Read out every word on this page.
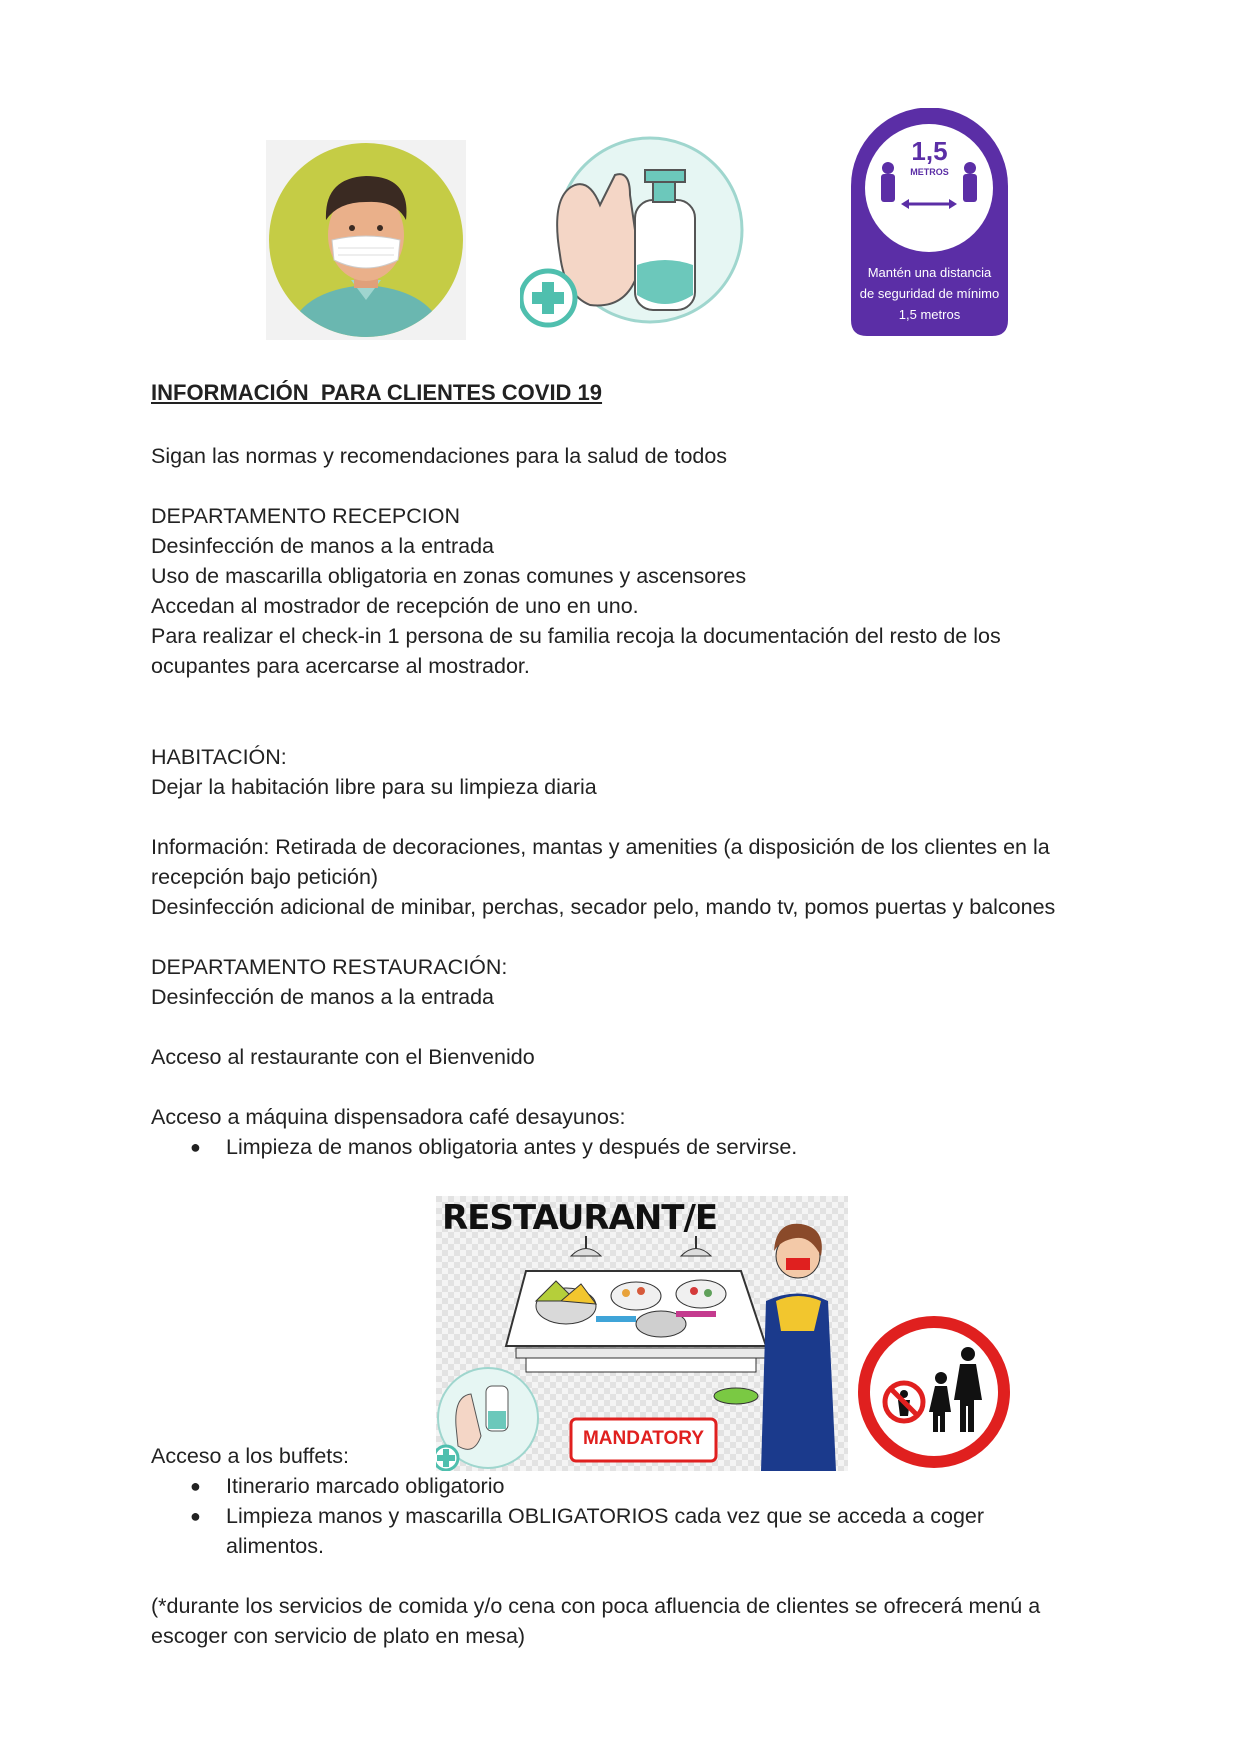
1,5
METROS
Mantén una distancia
de seguridad de mínimo
1,5 metros
INFORMACIÓN  PARA CLIENTES COVID 19
Sigan las normas y recomendaciones para la salud de todos
DEPARTAMENTO RECEPCION
Desinfección de manos a la entrada
Uso de mascarilla obligatoria en zonas comunes y ascensores
Accedan al mostrador de recepción de uno en uno.
Para realizar el check-in 1 persona de su familia recoja la documentación del resto de los
ocupantes para acercarse al mostrador.
HABITACIÓN:
Dejar la habitación libre para su limpieza diaria
Información: Retirada de decoraciones, mantas y amenities (a disposición de los clientes en la
recepción bajo petición)
Desinfección adicional de minibar, perchas, secador pelo, mando tv, pomos puertas y balcones
DEPARTAMENTO RESTAURACIÓN:
Desinfección de manos a la entrada
Acceso al restaurante con el Bienvenido
Acceso a máquina dispensadora café desayunos:
● Limpieza de manos obligatoria antes y después de servirse.
RESTAURANT/E
MANDATORY
Acceso a los buffets:
● Itinerario marcado obligatorio
● Limpieza manos y mascarilla OBLIGATORIOS cada vez que se acceda a coger
alimentos.
(*durante los servicios de comida y/o cena con poca afluencia de clientes se ofrecerá menú a
escoger con servicio de plato en mesa)
